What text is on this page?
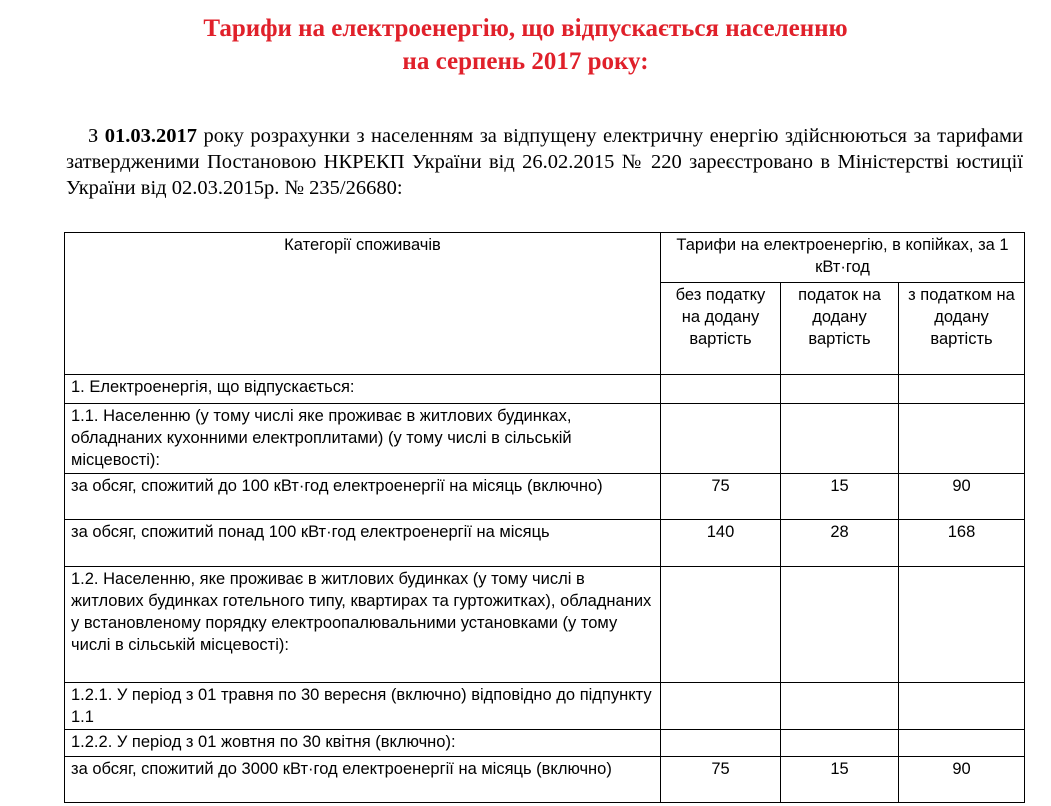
Тарифи на електроенергію, що відпускається населенню
на серпень 2017 року:
З 01.03.2017 року розрахунки з населенням за відпущену електричну енергію здійснюються за тарифами затвердженими Постановою НКРЕКП України від 26.02.2015 № 220 зареєстровано в Міністерстві юстиції України від 02.03.2015р. № 235/26680:
Категорії споживачів	Тарифи на електроенергію, в копійках, за 1 кВт·год		
	без податку на додану вартість	податок на додану вартість	з податком на додану вартість
1. Електроенергія, що відпускається:			
1.1. Населенню (у тому числі яке проживає в житлових будинках, обладнаних кухонними електроплитами) (у тому числі в сільській місцевості):			
за обсяг, спожитий до 100 кВт·год електроенергії на місяць (включно)	75	15	90
за обсяг, спожитий понад 100 кВт·год електроенергії на місяць	140	28	168
1.2. Населенню, яке проживає в житлових будинках (у тому числі в житлових будинках готельного типу, квартирах та гуртожитках), обладнаних у встановленому порядку електроопалювальними установками (у тому числі в сільській місцевості):			
1.2.1. У період з 01 травня по 30 вересня (включно) відповідно до підпункту 1.1			
1.2.2. У період з 01 жовтня по 30 квітня (включно):			
за обсяг, спожитий до 3000 кВт·год електроенергії на місяць (включно)	75	15	90
